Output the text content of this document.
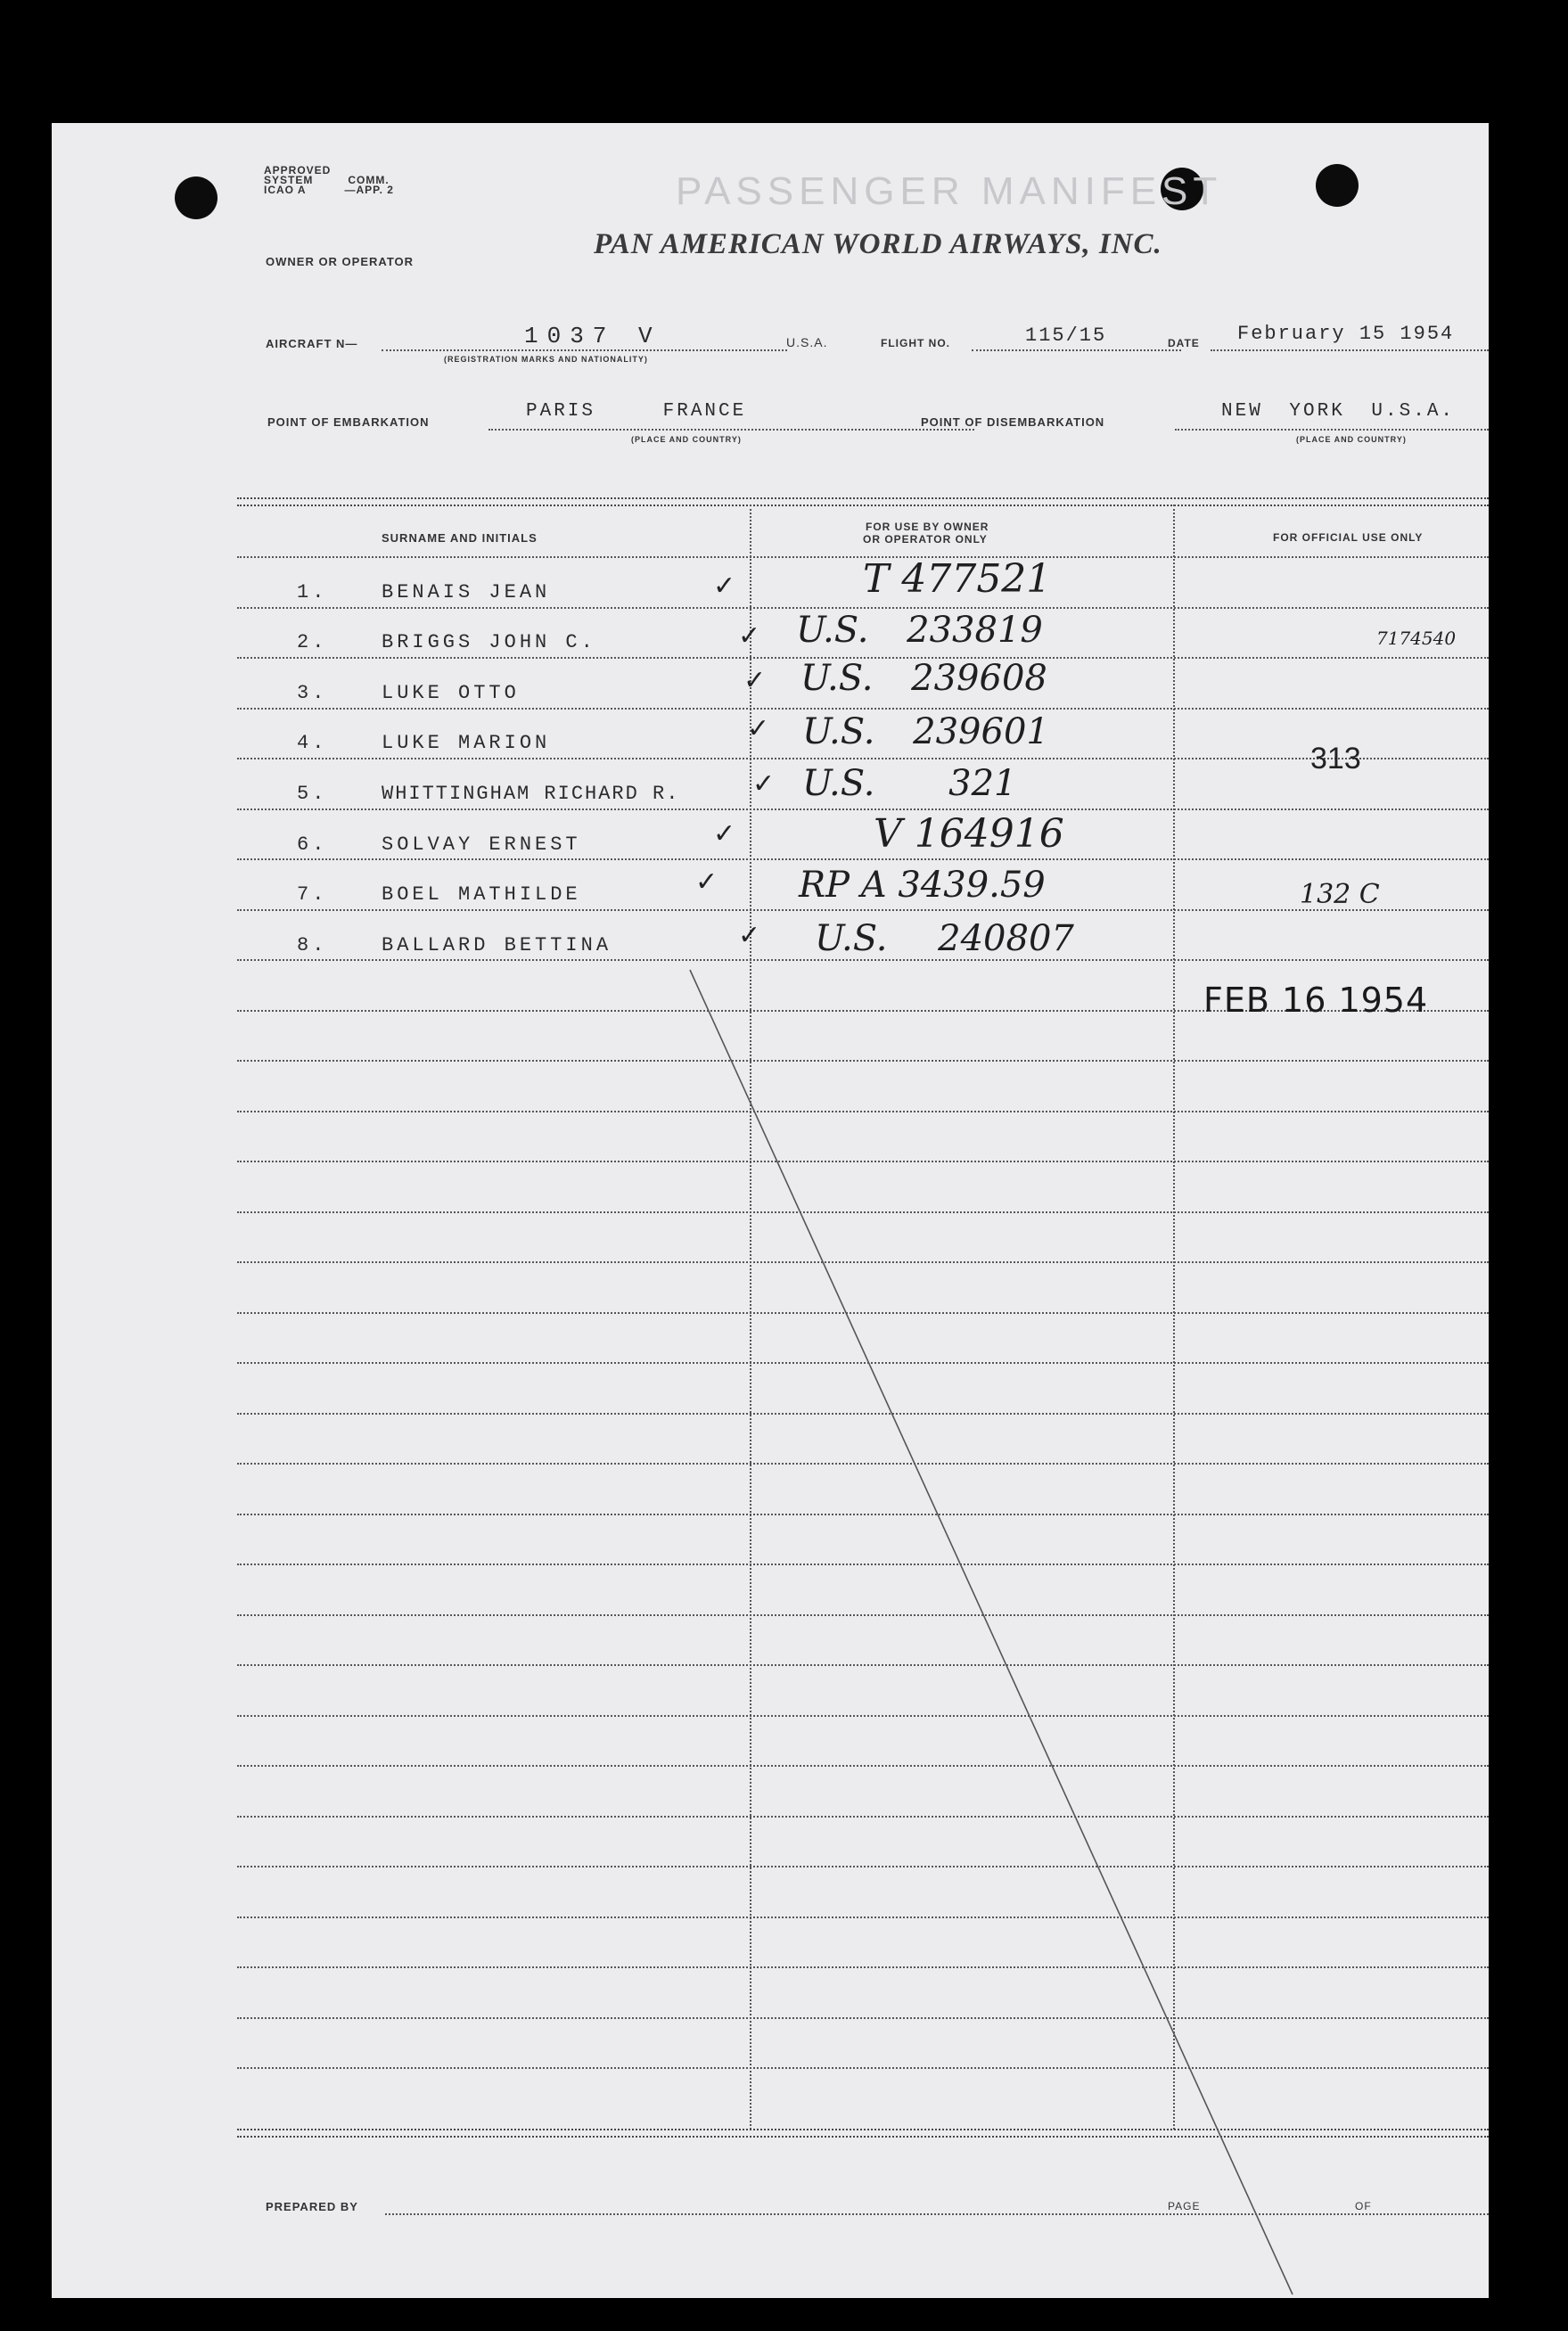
APPROVED
SYSTEM	COMM.
ICAO A	—APP. 2	PASSENGER MANIFEST
OWNER OR OPERATOR
PAN AMERICAN WORLD AIRWAYS, INC.
AIRCRAFT N—	1037 V
(REGISTRATION MARKS AND NATIONALITY)
U.S.A.	FLIGHT NO.	115/15	DATE February 15 1954
POINT OF EMBARKATION
PARIS FRANCE
(PLACE AND COUNTRY)
POINT OF DISEMBARKATION
NEW YORK U.S.A.
(PLACE AND COUNTRY)
SURNAME AND INITIALS
FOR USE BY OWNER
OR OPERATOR ONLY	FOR OFFICIAL USE ONLY
1.	BENAIS JEAN	✓	T 477521
2.	BRIGGS JOHN C.	✓ U.S. 233819	7174540
3.	LUKE OTTO	✓ U.S. 239608
4.	LUKE MARION	✓ U.S. 239601
5.	WHITTINGHAM RICHARD R.	✓ U.S. 321
313
6.	SOLVAY ERNEST	✓	V 164916
7.	BOEL MATHILDE	✓ RP A 3439.59	132 C
8.	BALLARD BETTINA	✓ U.S. 240807
FEB 16 1954
PREPARED BY	PAGE	OF
